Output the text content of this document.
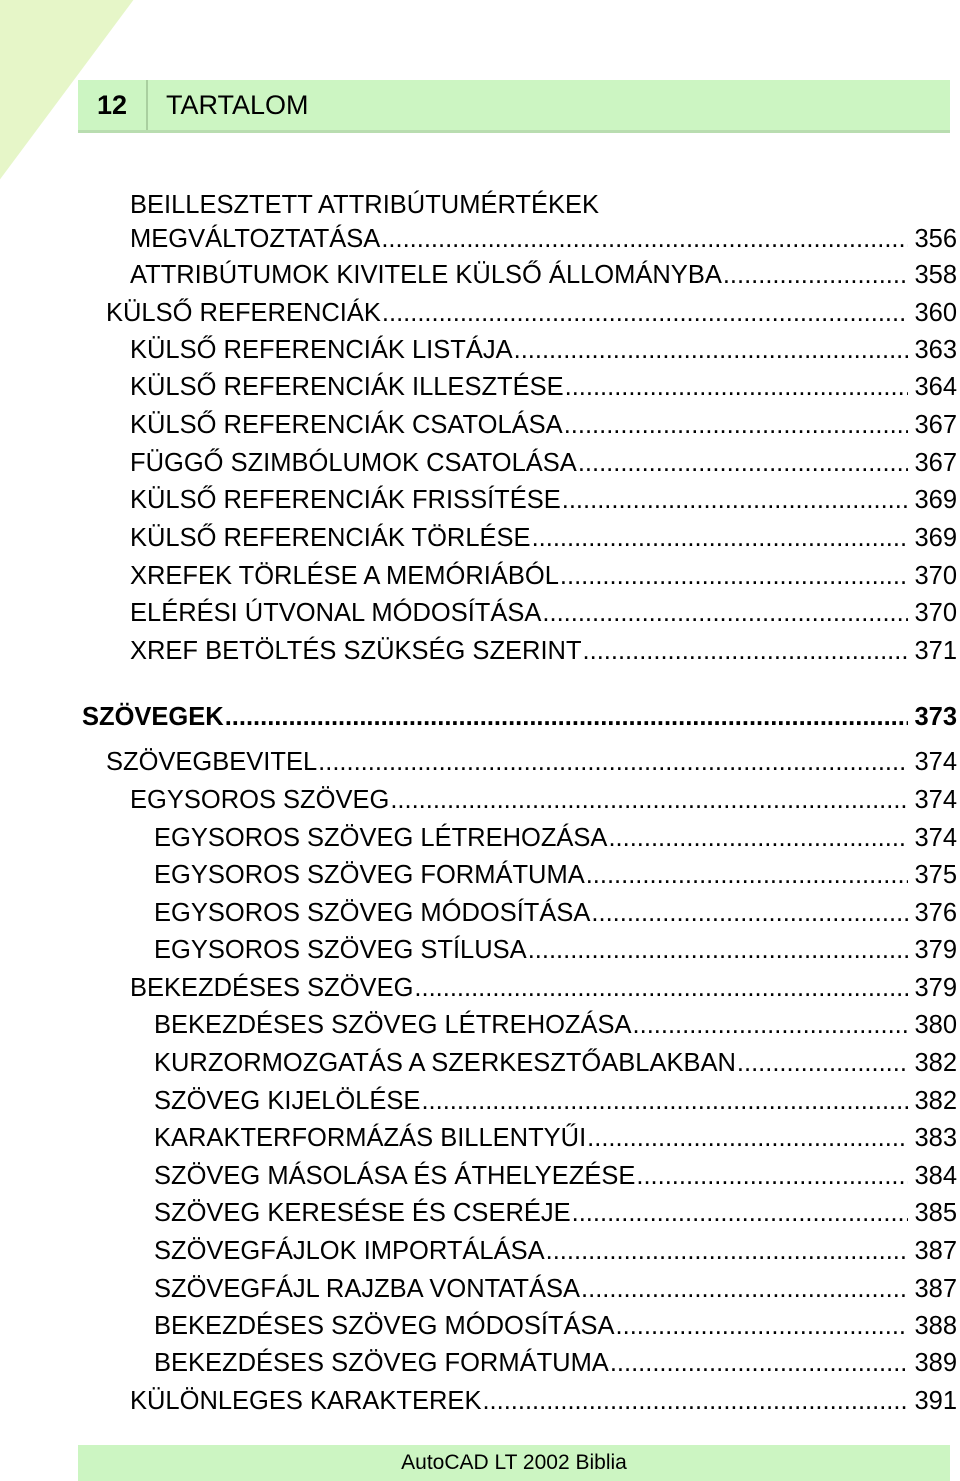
12	TARTALOM
BEILLESZTETT ATTRIBÚTUMÉRTÉKEK
MEGVÁLTOZTATÁSA .....	356
ATTRIBÚTUMOK KIVITELE KÜLSŐ ÁLLOMÁNYBA .....	358
KÜLSŐ REFERENCIÁK .....	360
KÜLSŐ REFERENCIÁK LISTÁJA .....	363
KÜLSŐ REFERENCIÁK ILLESZTÉSE .....	364
KÜLSŐ REFERENCIÁK CSATOLÁSA .....	367
FÜGGŐ SZIMBÓLUMOK CSATOLÁSA .....	367
KÜLSŐ REFERENCIÁK FRISSÍTÉSE .....	369
KÜLSŐ REFERENCIÁK TÖRLÉSE .....	369
XREFEK TÖRLÉSE A MEMÓRIÁBÓL .....	370
ELÉRÉSI ÚTVONAL MÓDOSÍTÁSA .....	370
XREF BETÖLTÉS SZÜKSÉG SZERINT .....	371
SZÖVEGEK .....	373
SZÖVEGBEVITEL .....	374
EGYSOROS SZÖVEG .....	374
EGYSOROS SZÖVEG LÉTREHOZÁSA .....	374
EGYSOROS SZÖVEG FORMÁTUMA .....	375
EGYSOROS SZÖVEG MÓDOSÍTÁSA .....	376
EGYSOROS SZÖVEG STÍLUSA .....	379
BEKEZDÉSES SZÖVEG .....	379
BEKEZDÉSES SZÖVEG LÉTREHOZÁSA .....	380
KURZORMOZGATÁS A SZERKESZTŐABLAKBAN .....	382
SZÖVEG KIJELÖLÉSE .....	382
KARAKTERFORMÁZÁS BILLENTYŰI .....	383
SZÖVEG MÁSOLÁSA ÉS ÁTHELYEZÉSE .....	384
SZÖVEG KERESÉSE ÉS CSERÉJE .....	385
SZÖVEGFÁJLOK IMPORTÁLÁSA .....	387
SZÖVEGFÁJL RAJZBA VONTATÁSA .....	387
BEKEZDÉSES SZÖVEG MÓDOSÍTÁSA .....	388
BEKEZDÉSES SZÖVEG FORMÁTUMA .....	389
KÜLÖNLEGES KARAKTEREK .....	391
AutoCAD LT 2002 Biblia
